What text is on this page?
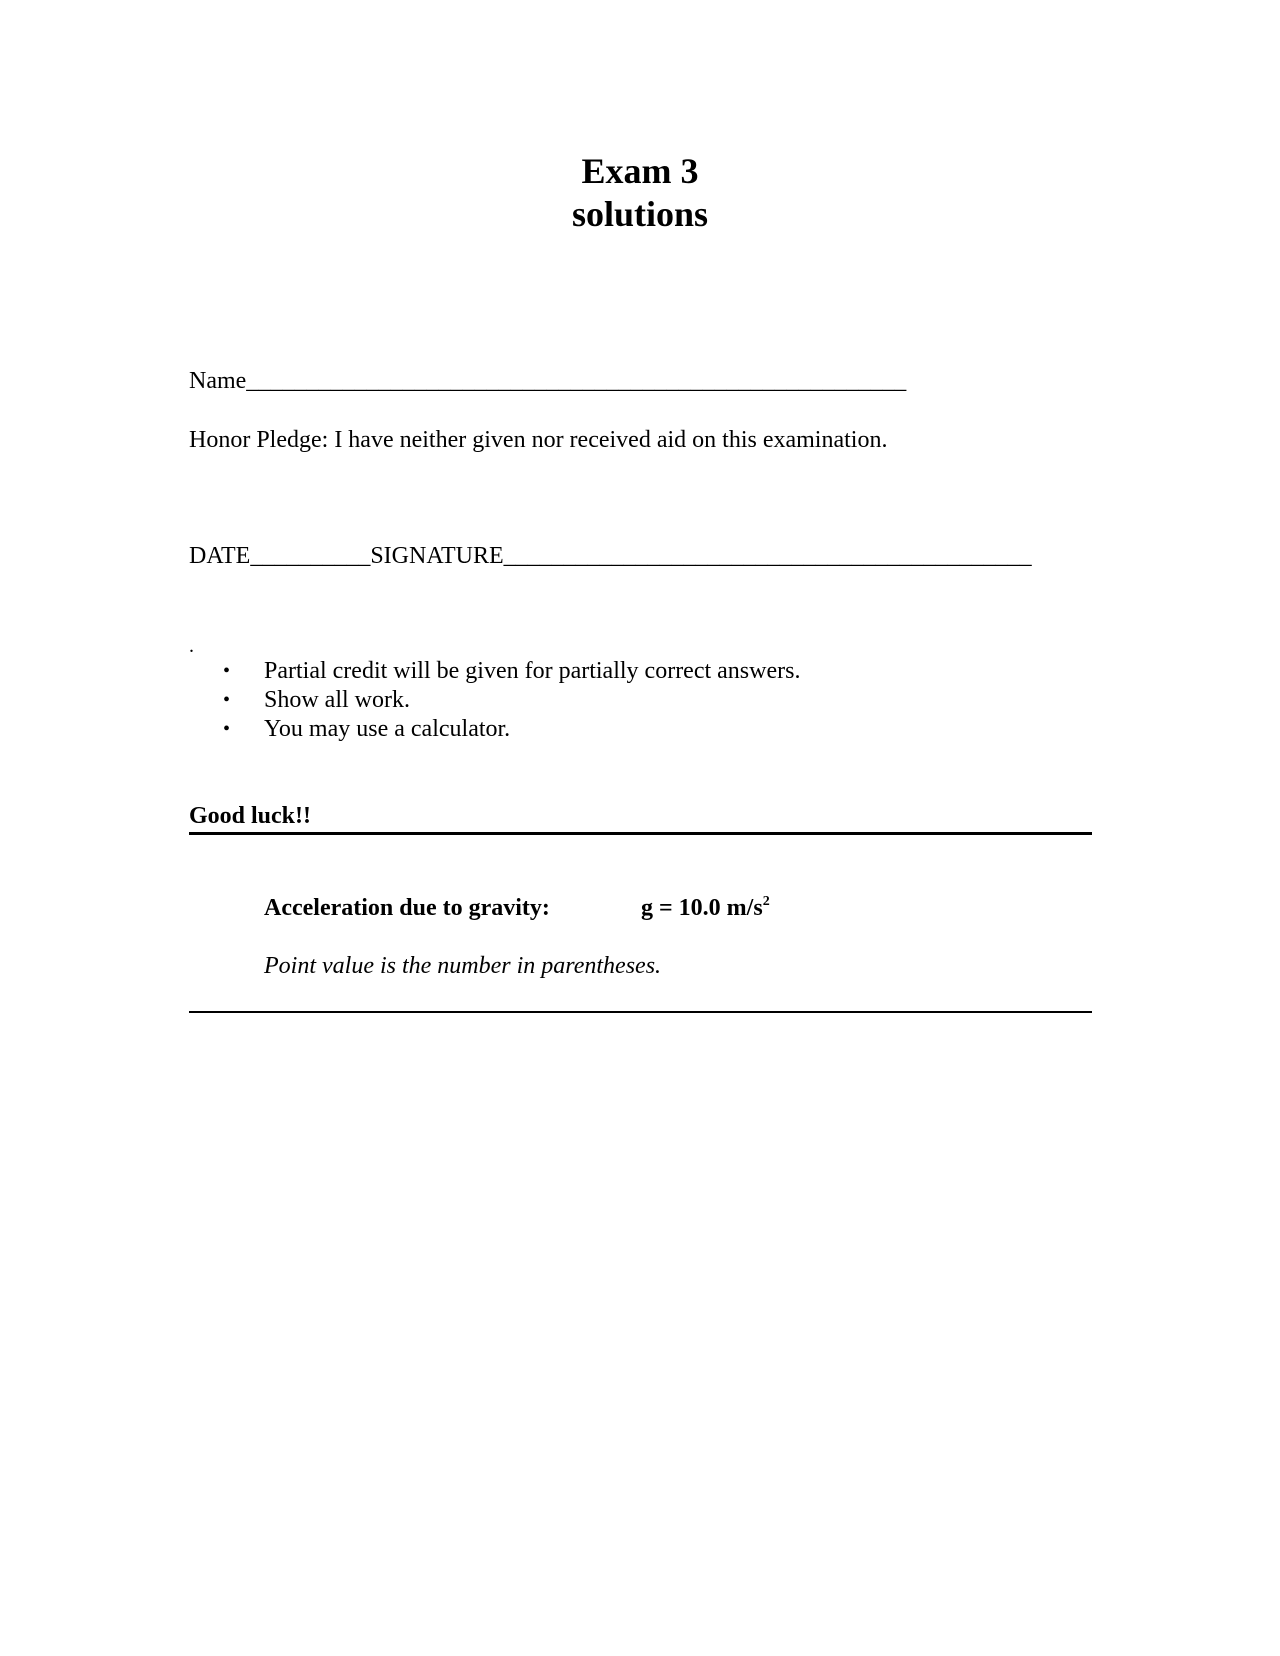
Exam 3
solutions
Name_______________________________________________________
Honor Pledge: I have neither given nor received aid on this examination.
DATE__________SIGNATURE____________________________________________
.
• Partial credit will be given for partially correct answers.
• Show all work.
• You may use a calculator.
Good luck!!
Acceleration due to gravity:	g = 10.0 $m/s^2$
Point value is the number in parentheses.
